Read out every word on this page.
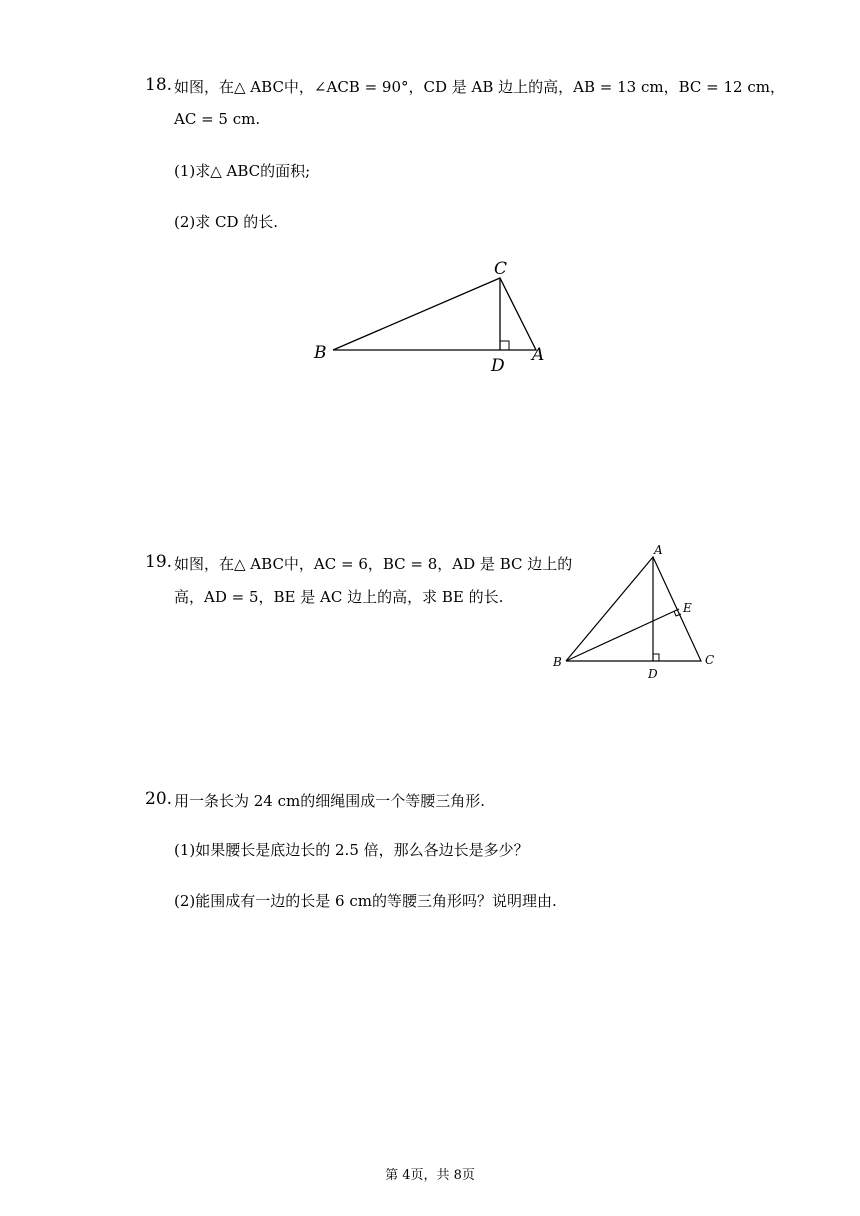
18. 如图，在△ ABC中，∠ACB = 90°，CD 是 AB 边上的高，AB = 13 cm，BC = 12 cm，
AC = 5 cm.
(1)求△ ABC的面积;
(2)求 CD 的长.
B
C
D
A
19. 如图，在△ ABC中，AC = 6，BC = 8，AD 是 BC 边上的
高，AD = 5，BE 是 AC 边上的高，求 BE 的长.
A
E
B
D
C
20. 用一条长为 24 cm的细绳围成一个等腰三角形.
(1)如果腰长是底边长的 2.5 倍，那么各边长是多少？
(2)能围成有一边的长是 6 cm的等腰三角形吗？说明理由.
第 4页，共 8页
